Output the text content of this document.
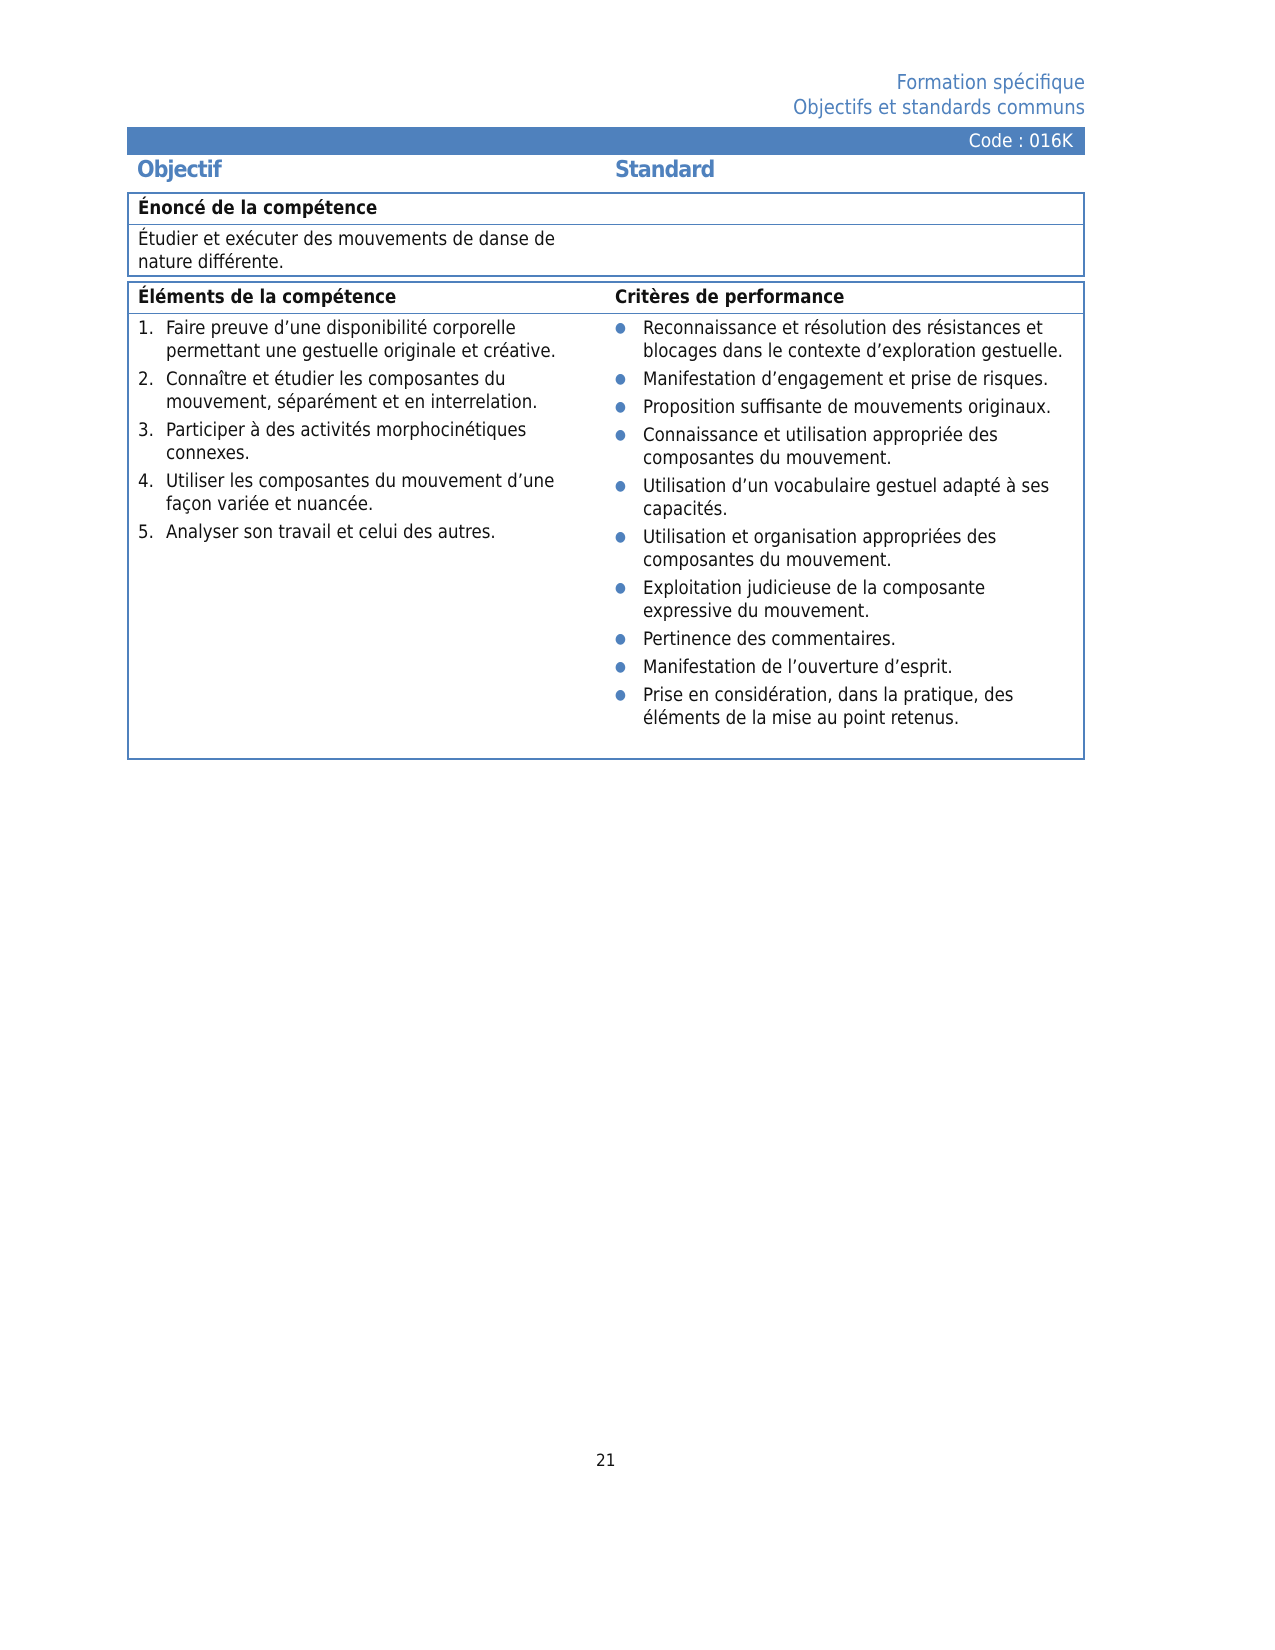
Formation spécifique
Objectifs et standards communs
Code : 016K
Objectif	Standard
Énoncé de la compétence
Étudier et exécuter des mouvements de danse de nature différente.
Éléments de la compétence	Critères de performance
1. Faire preuve d’une disponibilité corporelle permettant une gestuelle originale et créative.
2. Connaître et étudier les composantes du mouvement, séparément et en interrelation.
3. Participer à des activités morphocinétiques connexes.
4. Utiliser les composantes du mouvement d’une façon variée et nuancée.
5. Analyser son travail et celui des autres.
● Reconnaissance et résolution des résistances et blocages dans le contexte d’exploration gestuelle.
● Manifestation d’engagement et prise de risques.
● Proposition suffisante de mouvements originaux.
● Connaissance et utilisation appropriée des composantes du mouvement.
● Utilisation d’un vocabulaire gestuel adapté à ses capacités.
● Utilisation et organisation appropriées des composantes du mouvement.
● Exploitation judicieuse de la composante expressive du mouvement.
● Pertinence des commentaires.
● Manifestation de l’ouverture d’esprit.
● Prise en considération, dans la pratique, des éléments de la mise au point retenus.
21
